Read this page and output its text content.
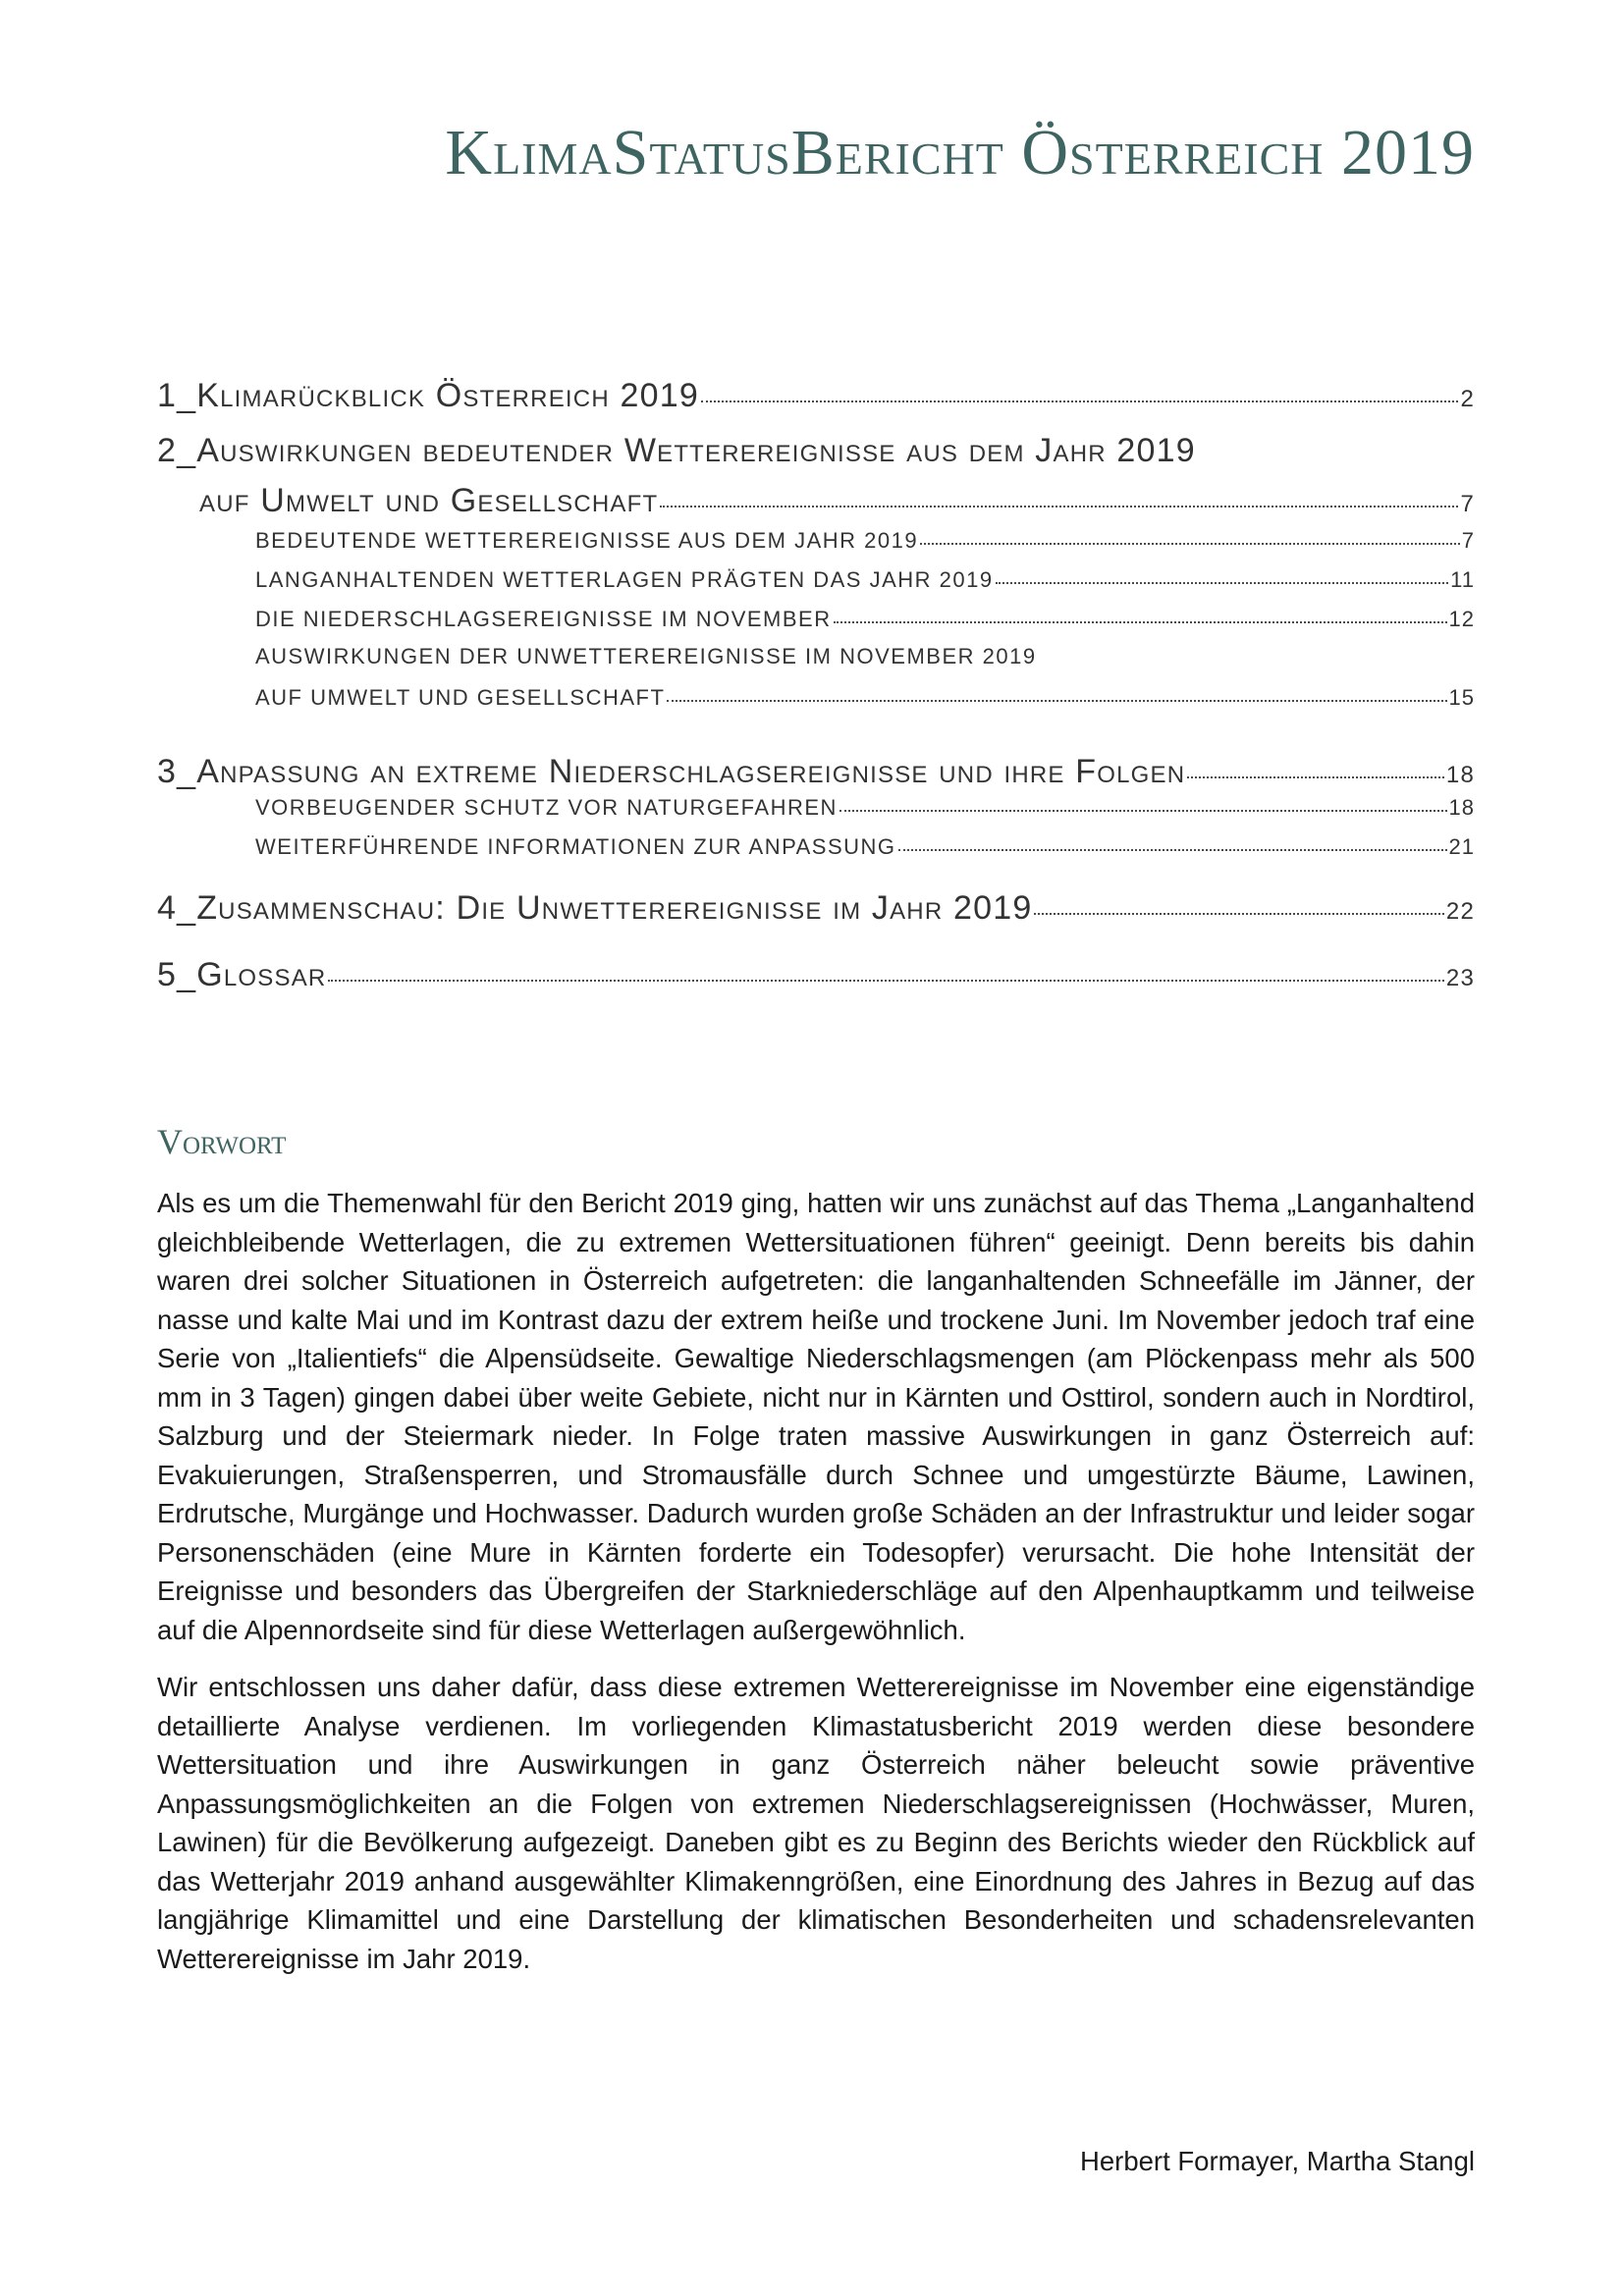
KlimaStatusBericht Österreich 2019
1_Klimarückblick Österreich 2019	2
2_Auswirkungen bedeutender Wetterereignisse aus dem Jahr 2019
auf Umwelt und Gesellschaft	7
BEDEUTENDE WETTEREREIGNISSE AUS DEM JAHR 2019	7
LANGANHALTENDEN WETTERLAGEN PRÄGTEN DAS JAHR 2019	11
DIE NIEDERSCHLAGSEREIGNISSE IM NOVEMBER	12
AUSWIRKUNGEN DER UNWETTEREREIGNISSE IM NOVEMBER 2019
AUF UMWELT UND GESELLSCHAFT	15
3_Anpassung an extreme Niederschlagsereignisse und ihre Folgen	18
VORBEUGENDER SCHUTZ VOR NATURGEFAHREN	18
WEITERFÜHRENDE INFORMATIONEN ZUR ANPASSUNG	21
4_Zusammenschau: Die Unwetterereignisse im Jahr 2019	22
5_Glossar	23
Vorwort

Als es um die Themenwahl für den Bericht 2019 ging, hatten wir uns zunächst auf das Thema „Langanhaltend gleichbleibende Wetterlagen, die zu extremen Wettersituationen führen“ geeinigt. Denn bereits bis dahin waren drei solcher Situationen in Österreich aufgetreten: die langanhaltenden Schneefälle im Jänner, der nasse und kalte Mai und im Kontrast dazu der extrem heiße und trockene Juni. Im November jedoch traf eine Serie von „Italientiefs“ die Alpensüdseite. Gewaltige Niederschlagsmengen (am Plöckenpass mehr als 500 mm in 3 Tagen) gingen dabei über weite Gebiete, nicht nur in Kärnten und Osttirol, sondern auch in Nordtirol, Salzburg und der Steiermark nieder. In Folge traten massive Auswirkungen in ganz Österreich auf: Evakuierungen, Straßensperren, und Stromausfälle durch Schnee und umgestürzte Bäume, Lawinen, Erdrutsche, Murgänge und Hochwasser. Dadurch wurden große Schäden an der Infrastruktur und leider sogar Personenschäden (eine Mure in Kärnten forderte ein Todesopfer) verursacht. Die hohe Intensität der Ereignisse und besonders das Übergreifen der Starkniederschläge auf den Alpenhauptkamm und teilweise auf die Alpennordseite sind für diese Wetterlagen außergewöhnlich.

Wir entschlossen uns daher dafür, dass diese extremen Wetterereignisse im November eine eigenständige detaillierte Analyse verdienen. Im vorliegenden Klimastatusbericht 2019 werden diese besondere Wettersituation und ihre Auswirkungen in ganz Österreich näher beleucht sowie präventive Anpassungsmöglichkeiten an die Folgen von extremen Niederschlagsereignissen (Hochwässer, Muren, Lawinen) für die Bevölkerung aufgezeigt. Daneben gibt es zu Beginn des Berichts wieder den Rückblick auf das Wetterjahr 2019 anhand ausgewählter Klimakenngrößen, eine Einordnung des Jahres in Bezug auf das langjährige Klimamittel und eine Darstellung der klimatischen Besonderheiten und schadensrelevanten Wetterereignisse im Jahr 2019.

Herbert Formayer, Martha Stangl
